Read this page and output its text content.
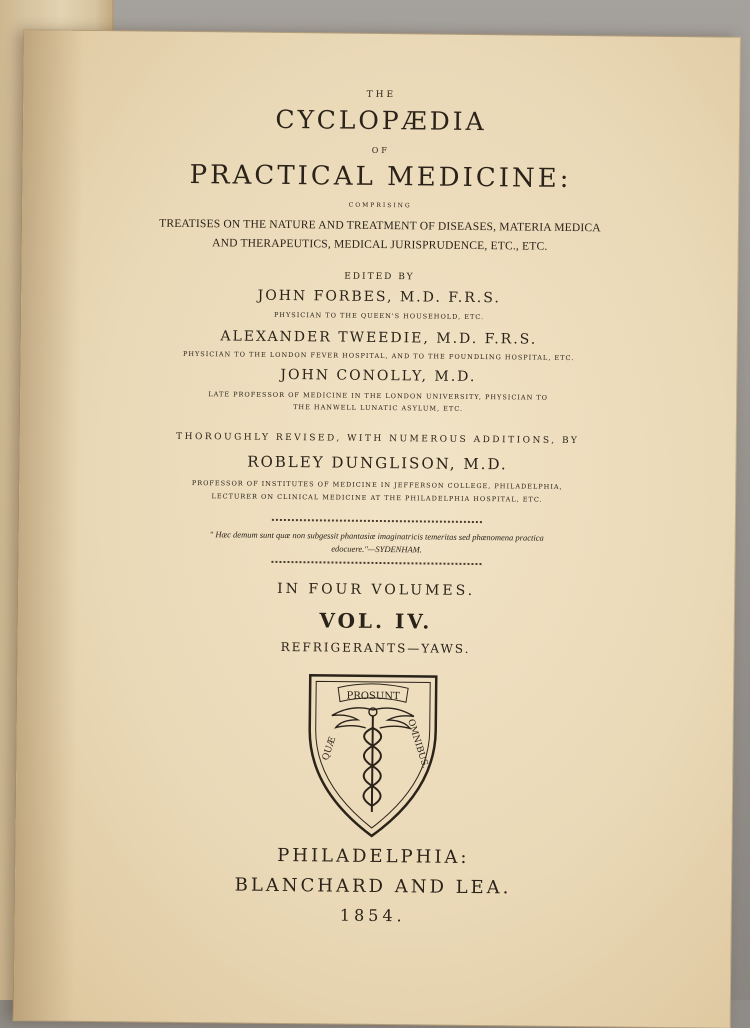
THE
CYCLOPÆDIA
OF
PRACTICAL MEDICINE:
COMPRISING
TREATISES ON THE NATURE AND TREATMENT OF DISEASES, MATERIA MEDICA
AND THERAPEUTICS, MEDICAL JURISPRUDENCE, ETC., ETC.
EDITED BY
JOHN FORBES, M.D. F.R.S.
PHYSICIAN TO THE QUEEN'S HOUSEHOLD, ETC.
ALEXANDER TWEEDIE, M.D. F.R.S.
PHYSICIAN TO THE LONDON FEVER HOSPITAL, AND TO THE FOUNDLING HOSPITAL, ETC.
JOHN CONOLLY, M.D.
LATE PROFESSOR OF MEDICINE IN THE LONDON UNIVERSITY, PHYSICIAN TO
THE HANWELL LUNATIC ASYLUM, ETC.
THOROUGHLY REVISED, WITH NUMEROUS ADDITIONS, BY
ROBLEY DUNGLISON, M.D.
PROFESSOR OF INSTITUTES OF MEDICINE IN JEFFERSON COLLEGE, PHILADELPHIA,
LECTURER ON CLINICAL MEDICINE AT THE PHILADELPHIA HOSPITAL, ETC.
" Hæc demum sunt quæ non subgessit phantasiæ imaginatricis temeritas sed phænomena practica
edocuere."—SYDENHAM.
IN FOUR VOLUMES.
VOL. IV.
REFRIGERANTS—YAWS.
PROSUNT
QUÆ	OMNIBUS.
PHILADELPHIA:
BLANCHARD AND LEA.
1854.
